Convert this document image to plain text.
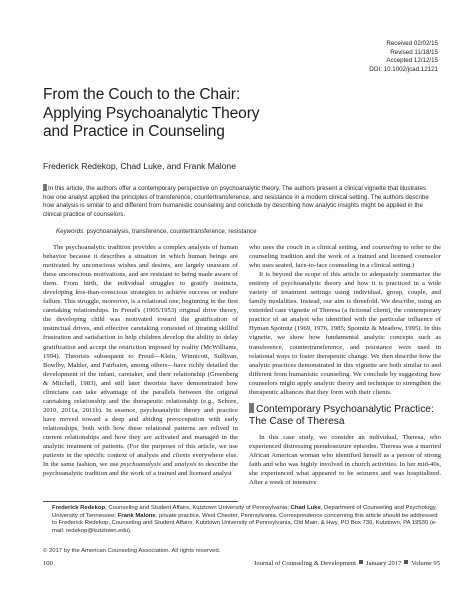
Received 02/02/15
Revised 11/18/15
Accepted 12/12/15
DOI: 10.1002/jcad.12121
From the Couch to the Chair:
Applying Psychoanalytic Theory
and Practice in Counseling
Frederick Redekop, Chad Luke, and Frank Malone
In this article, the authors offer a contemporary perspective on psychoanalytic theory. The authors present a clinical vignette that illustrates how one analyst applied the principles of transference, countertransference, and resistance in a modern clinical setting. The authors describe how analysis is similar to and different from humanistic counseling and conclude by describing how analytic insights might be applied in the clinical practice of counselors.
Keywords: psychoanalysis, transference, countertransference, resistance

The psychoanalytic tradition provides a complex analysis of human behavior because it describes a situation in which human beings are motivated by unconscious wishes and desires, are largely unaware of these unconscious motivations, and are resistant to being made aware of them. From birth, the individual struggles to gratify instincts, developing less-than-conscious strategies to achieve success or endure failure. This struggle, moreover, is a relational one, beginning in the first caretaking relationships. In Freud's (1905/1953) original drive theory, the developing child was motivated toward the gratification of instinctual drives, and effective caretaking consisted of titrating skillful frustration and satisfaction to help children develop the ability to delay gratification and accept the restriction imposed by reality (McWilliams, 1994). Theorists subsequent to Freud—Klein, Winnicott, Sullivan, Bowlby, Mahler, and Fairbairn, among others—have richly detailed the development of the infant, caretaker, and their relationship (Greenberg & Mitchell, 1983), and still later theorists have demonstrated how clinicians can take advantage of the parallels between the original caretaking relationship and the therapeutic relationship (e.g., Schore, 2010, 2011a, 2011b). In essence, psychoanalytic theory and practice have moved toward a deep and abiding preoccupation with early relationships, both with how these relational patterns are relived in current relationships and how they are activated and managed in the analytic treatment of patients. (For the purposes of this article, we use patients in the specific context of analysis and clients everywhere else. In the same fashion, we use psychoanalysis and analysis to describe the psychoanalytic tradition and the work of a trained and licensed analyst

who uses the couch in a clinical setting, and counseling to refer to the counseling tradition and the work of a trained and licensed counselor who uses seated, face-to-face counseling in a clinical setting.)

It is beyond the scope of this article to adequately summarize the entirety of psychoanalytic theory and how it is practiced in a wide variety of treatment settings using individual, group, couple, and family modalities. Instead, our aim is threefold. We describe, using an extended case vignette of Theresa (a fictional client), the contemporary practice of an analyst who identified with the particular influence of Hyman Spotnitz (1969, 1976, 1985; Spotnitz & Meadow, 1995). In this vignette, we show how fundamental analytic concepts such as transference, countertransference, and resistance were used in relational ways to foster therapeutic change. We then describe how the analytic practices demonstrated in this vignette are both similar to and different from humanistic counseling. We conclude by suggesting how counselors might apply analytic theory and technique to strengthen the therapeutic alliances that they form with their clients.

Contemporary Psychoanalytic Practice:
The Case of Theresa

In this case study, we consider an individual, Theresa, who experienced distressing pseudoseizure episodes. Theresa was a married African American woman who identified herself as a person of strong faith and who was highly involved in church activities. In her mid-40s, she experienced what appeared to be seizures and was hospitalized. After a week of intensive

Frederick Redekop, Counseling and Student Affairs, Kutztown University of Pennsylvania; Chad Luke, Department of Counseling and Psychology, University of Tennessee; Frank Malone, private practice, West Chester, Pennsylvania. Correspondence concerning this article should be addressed to Frederick Redekop, Counseling and Student Affairs, Kutztown University of Pennsylvania, Old Main, & Hwy, PO Box 730, Kutztown, PA 19530 (e-mail: redekop@kutztown.edu).
© 2017 by the American Counseling Association. All rights reserved.
100	Journal of Counseling & Development January 2017 Volume 95
